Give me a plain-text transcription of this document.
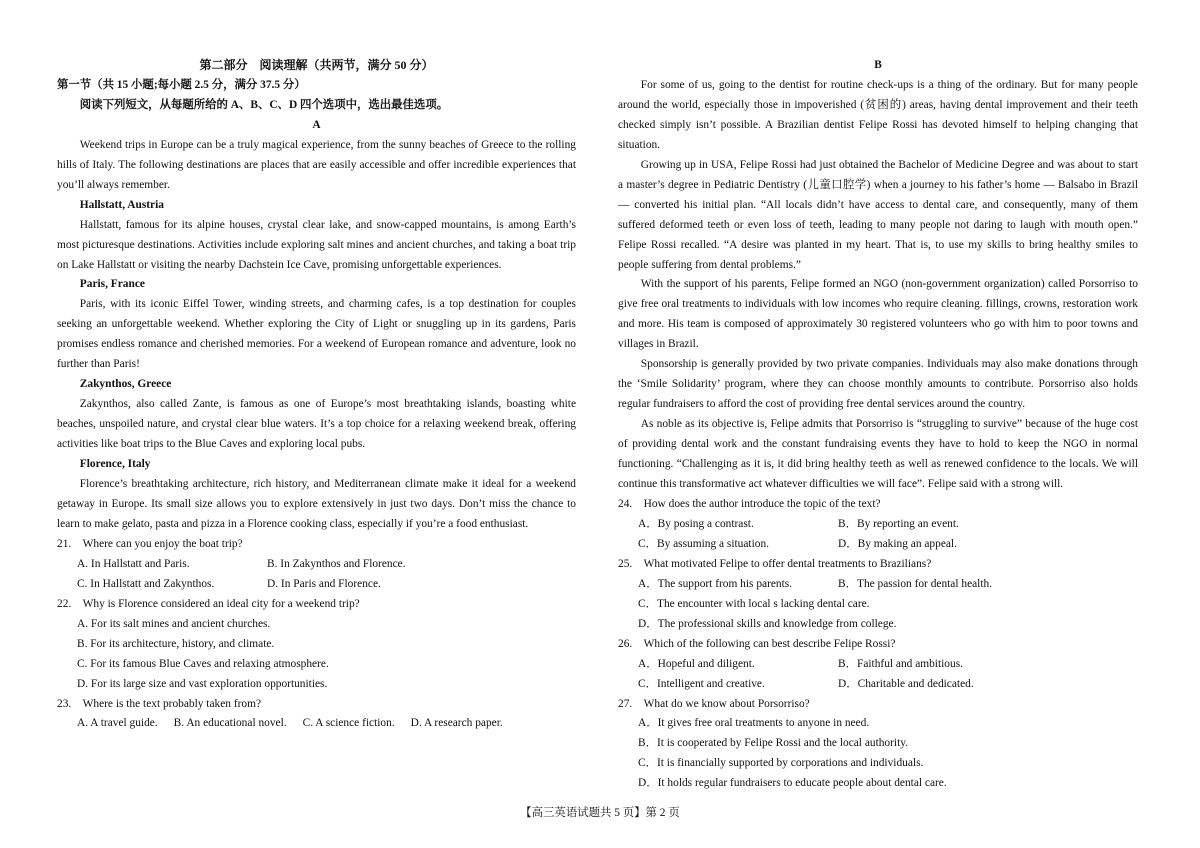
第二部分　阅读理解（共两节，满分 50 分）

第一节（共 15 小题;每小题 2.5 分，满分 37.5 分）

阅读下列短文，从每题所给的 A、B、C、D 四个选项中，选出最佳选项。

A

Weekend trips in Europe can be a truly magical experience, from the sunny beaches of Greece to the rolling hills of Italy. The following destinations are places that are easily accessible and offer incredible experiences that you’ll always remember.

Hallstatt, Austria

Hallstatt, famous for its alpine houses, crystal clear lake, and snow-capped mountains, is among Earth’s most picturesque destinations. Activities include exploring salt mines and ancient churches, and taking a boat trip on Lake Hallstatt or visiting the nearby Dachstein Ice Cave, promising unforgettable experiences.

Paris, France

Paris, with its iconic Eiffel Tower, winding streets, and charming cafes, is a top destination for couples seeking an unforgettable weekend. Whether exploring the City of Light or snuggling up in its gardens, Paris promises endless romance and cherished memories. For a weekend of European romance and adventure, look no further than Paris!

Zakynthos, Greece

Zakynthos, also called Zante, is famous as one of Europe’s most breathtaking islands, boasting white beaches, unspoiled nature, and crystal clear blue waters. It’s a top choice for a relaxing weekend break, offering activities like boat trips to the Blue Caves and exploring local pubs.

Florence, Italy

Florence’s breathtaking architecture, rich history, and Mediterranean climate make it ideal for a weekend getaway in Europe. Its small size allows you to explore extensively in just two days. Don’t miss the chance to learn to make gelato, pasta and pizza in a Florence cooking class, especially if you’re a food enthusiast.

21.　Where can you enjoy the boat trip?

A. In Hallstatt and Paris.	B. In Zakynthos and Florence.
C. In Hallstatt and Zakynthos.	D. In Paris and Florence.

22.　Why is Florence considered an ideal city for a weekend trip?

A. For its salt mines and ancient churches.

B. For its architecture, history, and climate.

C. For its famous Blue Caves and relaxing atmosphere.

D. For its large size and vast exploration opportunities.

23.　Where is the text probably taken from?

A. A travel guide. B. An educational novel. C. A science fiction. D. A research paper.

B

For some of us, going to the dentist for routine check-ups is a thing of the ordinary. But for many people around the world, especially those in impoverished (贫困的) areas, having dental improvement and their teeth checked simply isn’t possible. A Brazilian dentist Felipe Rossi has devoted himself to helping changing that situation.

Growing up in USA, Felipe Rossi had just obtained the Bachelor of Medicine Degree and was about to start a master’s degree in Pediatric Dentistry (儿童口腔学) when a journey to his father’s home — Balsabo in Brazil — converted his initial plan. “All locals didn’t have access to dental care, and consequently, many of them suffered deformed teeth or even loss of teeth, leading to many people not daring to laugh with mouth open.” Felipe Rossi recalled. “A desire was planted in my heart. That is, to use my skills to bring healthy smiles to people suffering from dental problems.”

With the support of his parents, Felipe formed an NGO (non-government organization) called Porsorriso to give free oral treatments to individuals with low incomes who require cleaning. fillings, crowns, restoration work and more. His team is composed of approximately 30 registered volunteers who go with him to poor towns and villages in Brazil.

Sponsorship is generally provided by two private companies. Individuals may also make donations through the ‘Smile Solidarity’ program, where they can choose monthly amounts to contribute. Porsorriso also holds regular fundraisers to afford the cost of providing free dental services around the country.

As noble as its objective is, Felipe admits that Porsorriso is “struggling to survive” because of the huge cost of providing dental work and the constant fundraising events they have to hold to keep the NGO in normal functioning. “Challenging as it is, it did bring healthy teeth as well as renewed confidence to the locals. We will continue this transformative act whatever difficulties we will face”. Felipe said with a strong will.

24.　How does the author introduce the topic of the text?

A．By posing a contrast.	B．By reporting an event.
C．By assuming a situation.	D．By making an appeal.

25.　What motivated Felipe to offer dental treatments to Brazilians?

A．The support from his parents.	B．The passion for dental health.

C．The encounter with local s lacking dental care.

D．The professional skills and knowledge from college.

26.　Which of the following can best describe Felipe Rossi?

A．Hopeful and diligent.	B．Faithful and ambitious.
C．Intelligent and creative.	D．Charitable and dedicated.

27.　What do we know about Porsorriso?

A．It gives free oral treatments to anyone in need.

B．It is cooperated by Felipe Rossi and the local authority.

C．It is financially supported by corporations and individuals.

D．It holds regular fundraisers to educate people about dental care.

【高三英语试题共 5 页】第 2 页
